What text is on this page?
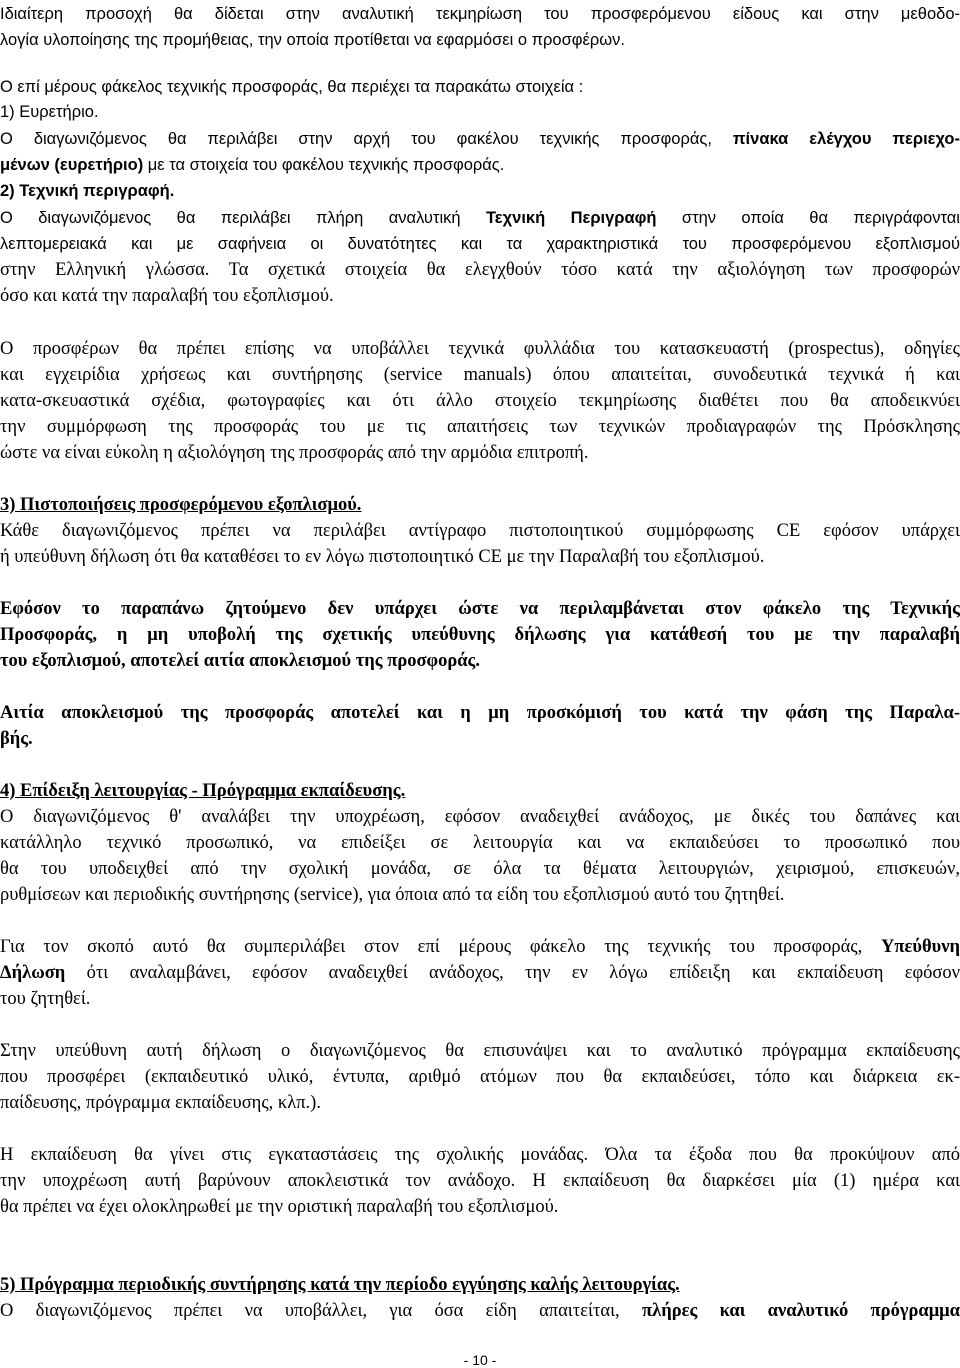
Ιδιαίτερη προσοχή θα δίδεται στην αναλυτική τεκμηρίωση του προσφερόμενου είδους και στην μεθοδο-
λογία υλοποίησης της προμήθειας, την οποία προτίθεται να εφαρμόσει ο προσφέρων.
Ο επί μέρους φάκελος τεχνικής προσφοράς, θα περιέχει τα παρακάτω στοιχεία :
1) Ευρετήριο.
Ο διαγωνιζόμενος θα περιλάβει στην αρχή του φακέλου τεχνικής προσφοράς, πίνακα ελέγχου περιεχο-
μένων (ευρετήριο) με τα στοιχεία του φακέλου τεχνικής προσφοράς.
2) Τεχνική περιγραφή.
Ο διαγωνιζόμενος θα περιλάβει πλήρη αναλυτική Τεχνική Περιγραφή στην οποία θα περιγράφονται
λεπτομερειακά και με σαφήνεια οι δυνατότητες και τα χαρακτηριστικά του προσφερόμενου εξοπλισμού
στην Ελληνική γλώσσα. Τα σχετικά στοιχεία θα ελεγχθούν τόσο κατά την αξιολόγηση των προσφορών
όσο και κατά την παραλαβή του εξοπλισμού.
Ο προσφέρων θα πρέπει επίσης να υποβάλλει τεχνικά φυλλάδια του κατασκευαστή (prospectus), οδηγίες
και εγχειρίδια χρήσεως και συντήρησης (service manuals) όπου απαιτείται, συνοδευτικά τεχνικά ή και
κατα-σκευαστικά σχέδια, φωτογραφίες και ότι άλλο στοιχείο τεκμηρίωσης διαθέτει που θα αποδεικνύει
την συμμόρφωση της προσφοράς του με τις απαιτήσεις των τεχνικών προδιαγραφών της Πρόσκλησης
ώστε να είναι εύκολη η αξιολόγηση της προσφοράς από την αρμόδια επιτροπή.
3) Πιστοποιήσεις προσφερόμενου εξοπλισμού.
Κάθε διαγωνιζόμενος πρέπει να περιλάβει αντίγραφο πιστοποιητικού συμμόρφωσης CE εφόσον υπάρχει
ή υπεύθυνη δήλωση ότι θα καταθέσει το εν λόγω πιστοποιητικό CE με την Παραλαβή του εξοπλισμού.
Εφόσον το παραπάνω ζητούμενο δεν υπάρχει ώστε να περιλαμβάνεται στον φάκελο της Τεχνικής
Προσφοράς, η μη υποβολή της σχετικής υπεύθυνης δήλωσης για κατάθεσή του με την παραλαβή
του εξοπλισμού, αποτελεί αιτία αποκλεισμού της προσφοράς.
Αιτία αποκλεισμού της προσφοράς αποτελεί και η μη προσκόμισή του κατά την φάση της Παραλα-
βής.
4) Επίδειξη λειτουργίας - Πρόγραμμα εκπαίδευσης.
Ο διαγωνιζόμενος θ' αναλάβει την υποχρέωση, εφόσον αναδειχθεί ανάδοχος, με δικές του δαπάνες και
κατάλληλο τεχνικό προσωπικό, να επιδείξει σε λειτουργία και να εκπαιδεύσει το προσωπικό που
θα του υποδειχθεί από την σχολική μονάδα, σε όλα τα θέματα λειτουργιών, χειρισμού, επισκευών,
ρυθμίσεων και περιοδικής συντήρησης (service), για όποια από τα είδη του εξοπλισμού αυτό του ζητηθεί.
Για τον σκοπό αυτό θα συμπεριλάβει στον επί μέρους φάκελο της τεχνικής του προσφοράς, Υπεύθυνη
Δήλωση ότι αναλαμβάνει, εφόσον αναδειχθεί ανάδοχος, την εν λόγω επίδειξη και εκπαίδευση εφόσον
του ζητηθεί.
Στην υπεύθυνη αυτή δήλωση ο διαγωνιζόμενος θα επισυνάψει και το αναλυτικό πρόγραμμα εκπαίδευσης
που προσφέρει (εκπαιδευτικό υλικό, έντυπα, αριθμό ατόμων που θα εκπαιδεύσει, τόπο και διάρκεια εκ-
παίδευσης, πρόγραμμα εκπαίδευσης, κλπ.).
Η εκπαίδευση θα γίνει στις εγκαταστάσεις της σχολικής μονάδας. Όλα τα έξοδα που θα προκύψουν από
την υποχρέωση αυτή βαρύνουν αποκλειστικά τον ανάδοχο. Η εκπαίδευση θα διαρκέσει μία (1) ημέρα και
θα πρέπει να έχει ολοκληρωθεί με την οριστική παραλαβή του εξοπλισμού.
5) Πρόγραμμα περιοδικής συντήρησης κατά την περίοδο εγγύησης καλής λειτουργίας.
Ο διαγωνιζόμενος πρέπει να υποβάλλει, για όσα είδη απαιτείται, πλήρες και αναλυτικό πρόγραμμα
- 10 -
